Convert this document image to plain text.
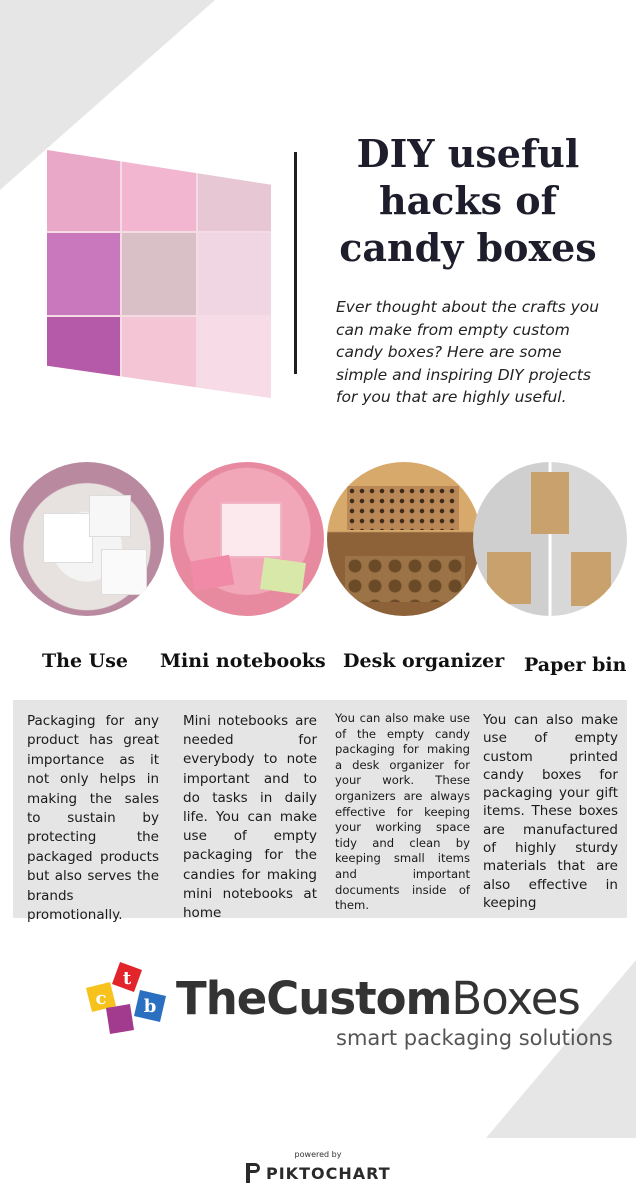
DIY useful
hacks of
candy boxes

Ever thought about the crafts you can make from empty custom candy boxes? Here are some simple and inspiring DIY projects for you that are highly useful.

The Use Mini notebooks Desk organizer Paper bin

Packaging for any product has great importance as it not only helps in making the sales to sustain by protecting the packaged products but also serves the brands promotionally.

Mini notebooks are needed for everybody to note important and to do tasks in daily life. You can make use of empty packaging for the candies for making mini notebooks at home

You can also make use of the empty candy packaging for making a desk organizer for your work. These organizers are always effective for keeping your working space tidy and clean by keeping small items and important documents inside of them.

You can also make use of empty custom printed candy boxes for packaging your gift items. These boxes are manufactured of highly sturdy materials that are also effective in keeping

t
c b TheCustomBoxes

smart packaging solutions

powered by

PIKTOCHART
